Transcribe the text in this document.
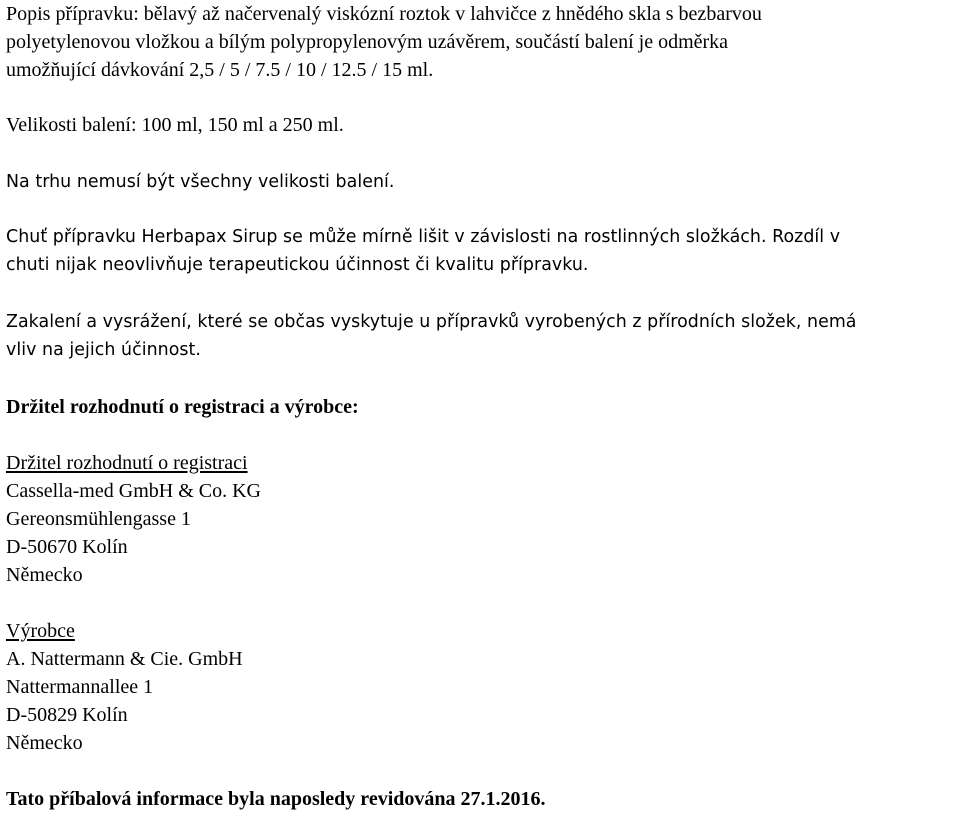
Popis přípravku: bělavý až načervenalý viskózní roztok v lahvičce z hnědého skla s bezbarvou
polyetylenovou vložkou a bílým polypropylenovým uzávěrem, součástí balení je odměrka
umožňující dávkování 2,5 / 5 / 7.5 / 10 / 12.5 / 15 ml.
Velikosti balení: 100 ml, 150 ml a 250 ml.
Na trhu nemusí být všechny velikosti balení.
Chuť přípravku Herbapax Sirup se může mírně lišit v závislosti na rostlinných složkách. Rozdíl v
chuti nijak neovlivňuje terapeutickou účinnost či kvalitu přípravku.
Zakalení a vysrážení, které se občas vyskytuje u přípravků vyrobených z přírodních složek, nemá
vliv na jejich účinnost.
Držitel rozhodnutí o registraci a výrobce:
Držitel rozhodnutí o registraci
Cassella-med GmbH & Co. KG
Gereonsmühlengasse 1
D-50670 Kolín
Německo
Výrobce
A. Nattermann & Cie. GmbH
Nattermannallee 1
D-50829 Kolín
Německo
Tato příbalová informace byla naposledy revidována 27.1.2016.
